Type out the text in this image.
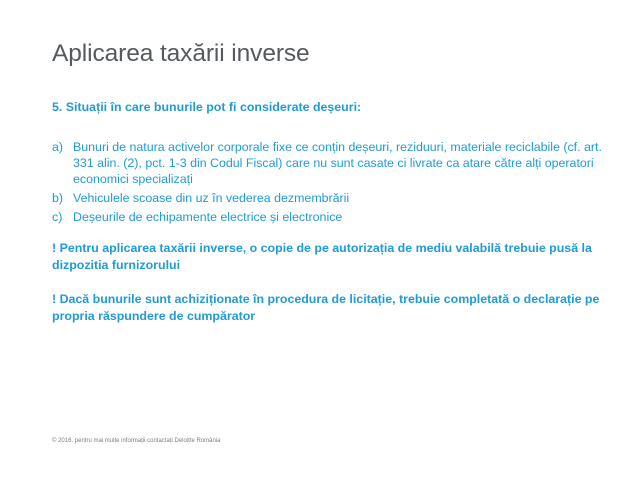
Aplicarea taxării inverse
5. Situații în care bunurile pot fi considerate deșeuri:
a) Bunuri de natura activelor corporale fixe ce conțin deșeuri, reziduuri, materiale reciclabile (cf. art. 331 alin. (2), pct. 1-3 din Codul Fiscal) care nu sunt casate ci livrate ca atare către alți operatori economici specializați
b) Vehiculele scoase din uz în vederea dezmembrării
c) Deșeurile de echipamente electrice și electronice
! Pentru aplicarea taxării inverse, o copie de pe autorizația de mediu valabilă trebuie pusă la dizpozitia furnizorului
! Dacă bunurile sunt achiziționate în procedura de licitație, trebuie completată o declarație pe propria răspundere de cumpărator
© 2016. pentru mai multe informații contactați Deloitte România
